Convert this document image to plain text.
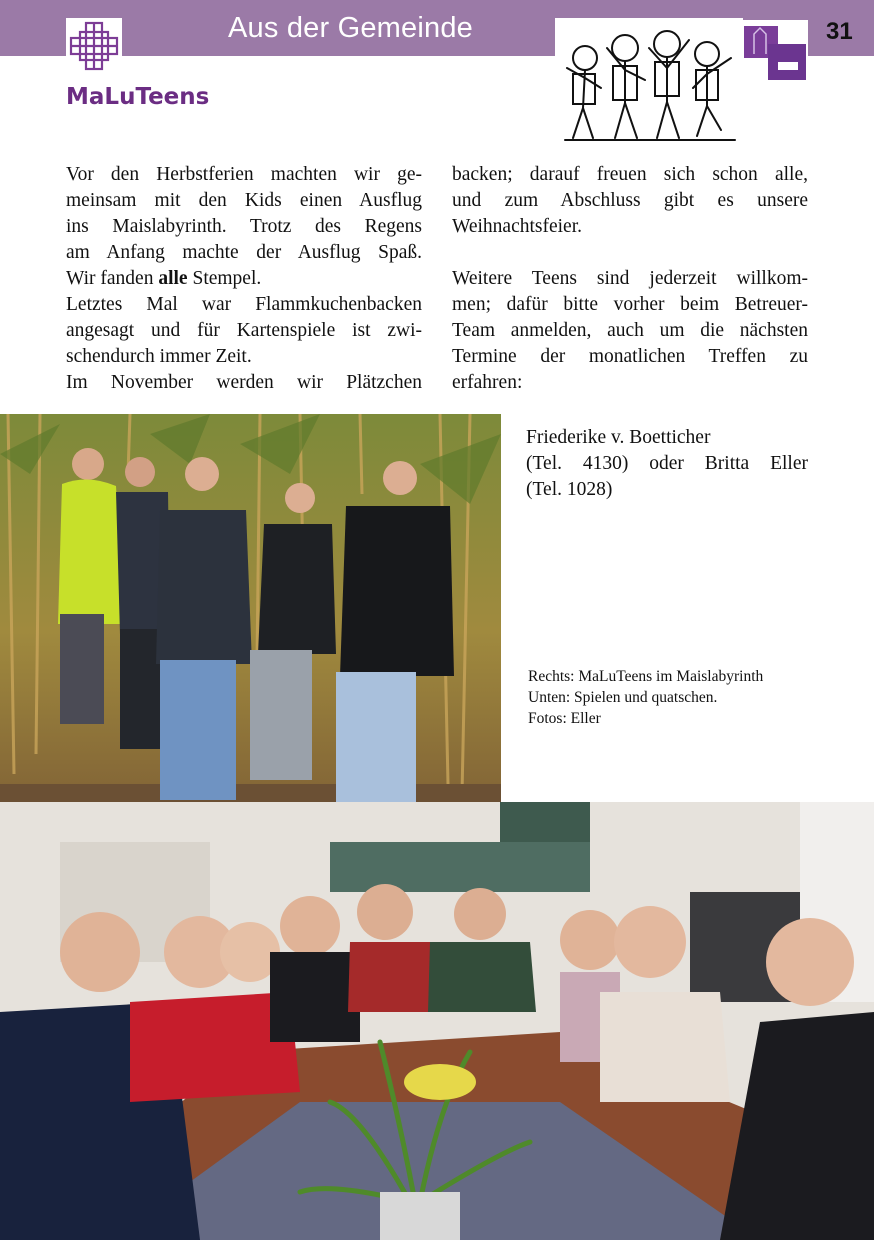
Aus der Gemeinde	31
MaLuTeens

Vor den Herbstferien machten wir ge-
meinsam mit den Kids einen Ausflug
ins Maislabyrinth. Trotz des Regens
am Anfang machte der Ausflug Spaß.
Wir fanden alle Stempel.

Letztes Mal war Flammkuchenbacken
angesagt und für Kartenspiele ist zwi-
schendurch immer Zeit.

Im November werden wir Plätzchen

backen; darauf freuen sich schon alle,
und zum Abschluss gibt es unsere
Weihnachtsfeier.

Weitere Teens sind jederzeit willkom-
men; dafür bitte vorher beim Betreuer-
Team anmelden, auch um die nächsten
Termine der monatlichen Treffen zu
erfahren:

Friederike v. Boetticher
(Tel. 4130) oder Britta Eller
(Tel. 1028)
Rechts: MaLuTeens im Maislabyrinth
Unten: Spielen und quatschen.
Fotos: Eller
